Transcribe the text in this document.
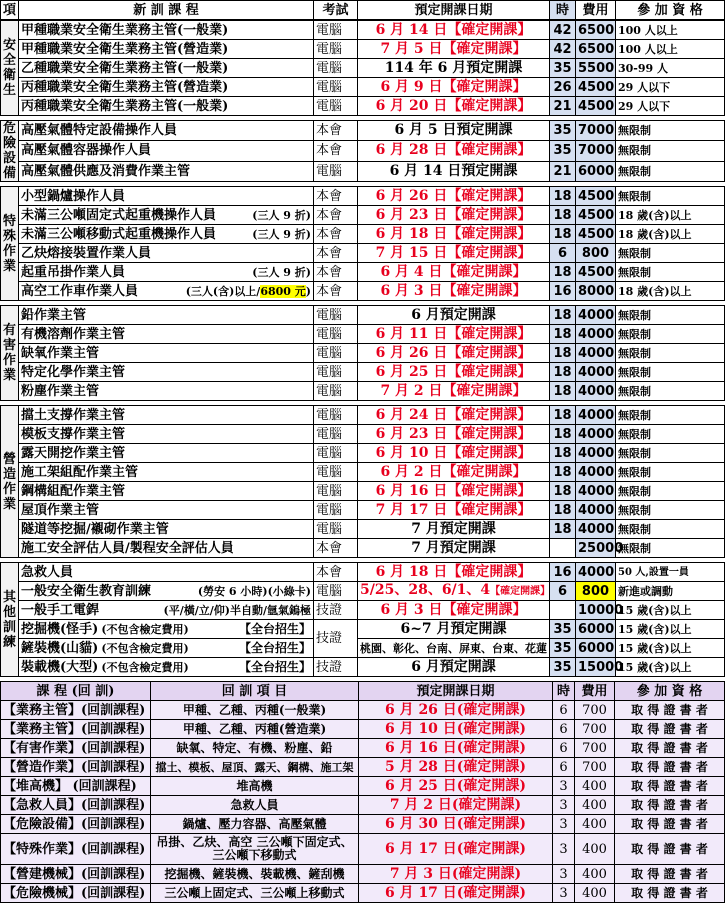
項	新 訓 課 程	考試	預定開課日期	時	費用	參 加 資 格
安全衛生	甲種職業安全衛生業務主管(一般業)	電腦	6 月 14 日【確定開課】	42	6500	100 人以上
	甲種職業安全衛生業務主管(營造業)	電腦	7 月 5 日【確定開課】	42	6500	100 人以上
	乙種職業安全衛生業務主管(一般業)	電腦	114 年 6 月預定開課	35	5500	30-99 人
	丙種職業安全衛生業務主管(營造業)	電腦	6 月 9 日【確定開課】	26	4500	29 人以下
	丙種職業安全衛生業務主管(一般業)	電腦	6 月 20 日【確定開課】	21	4500	29 人以下

危險設備	高壓氣體特定設備操作人員	本會	6 月 5 日預定開課	35	7000	無限制
	高壓氣體容器操作人員	本會	6 月 28 日【確定開課】	35	7000	無限制
	高壓氣體供應及消費作業主管	電腦	6 月 14 日預定開課	21	6000	無限制

特殊作業	小型鍋爐操作人員	本會	6 月 26 日【確定開課】	18	4500	無限制
	未滿三公噸固定式起重機操作人員 (三人 9 折)	本會	6 月 23 日【確定開課】	18	4500	18 歲(含)以上
	未滿三公噸移動式起重機操作人員 (三人 9 折)	本會	6 月 18 日【確定開課】	18	4500	18 歲(含)以上
	乙炔熔接裝置作業人員	本會	7 月 15 日【確定開課】	6	800	無限制
	起重吊掛作業人員 (三人 9 折)	本會	6 月 4 日【確定開課】	18	4500	無限制
	高空工作車作業人員 (三人(含)以上/6800 元)	本會	6 月 3 日【確定開課】	16	8000	18 歲(含)以上

有害作業	鉛作業主管	電腦	6 月預定開課	18	4000	無限制
	有機溶劑作業主管	電腦	6 月 11 日【確定開課】	18	4000	無限制
	缺氧作業主管	電腦	6 月 26 日【確定開課】	18	4000	無限制
	特定化學作業主管	電腦	6 月 25 日【確定開課】	18	4000	無限制
	粉塵作業主管	電腦	7 月 2 日【確定開課】	18	4000	無限制

營造作業	擋土支撐作業主管	電腦	6 月 24 日【確定開課】	18	4000	無限制
	模板支撐作業主管	電腦	6 月 23 日【確定開課】	18	4000	無限制
	露天開挖作業主管	電腦	6 月 10 日【確定開課】	18	4000	無限制
	施工架組配作業主管	電腦	6 月 2 日【確定開課】	18	4000	無限制
	鋼構組配作業主管	電腦	6 月 16 日【確定開課】	18	4000	無限制
	屋頂作業主管	電腦	7 月 17 日【確定開課】	18	4000	無限制
	隧道等挖掘/襯砌作業主管	電腦	7 月預定開課	18	4000	無限制
	施工安全評估人員/製程安全評估人員	本會	7 月預定開課		25000	無限制

其他訓練	急救人員	本會	6 月 18 日【確定開課】	16	4000	50 人,設置一員
	一般安全衛生教育訓練 (勞安 6 小時)(小綠卡)	電腦	5/25、28、6/1、4【確定開課】	6	800	新進或調動
	一般手工電銲 (平/橫/立/仰)半自動/氬氣鎢極	技證	6 月 3 日【確定開課】		10000	15 歲(含)以上
	挖掘機(怪手) (不包含檢定費用) 【全台招生】	技證	6~7 月預定開課	35	6000	15 歲(含)以上
	鏟裝機(山貓) (不包含檢定費用) 【全台招生】		桃園、彰化、台南、屏東、台東、花蓮	35	6000	15 歲(含)以上
	裝載機(大型) (不包含檢定費用) 【全台招生】	技證	6 月預定開課	35	15000	15 歲(含)以上
課 程 (回 訓)	回 訓 項 目	預定開課日期	時	費用	參 加 資 格
【業務主管】(回訓課程)	甲種、乙種、丙種(一般業)	6 月 26 日(確定開課)	6	700	取 得 證 書 者
【業務主管】(回訓課程)	甲種、乙種、丙種(營造業)	6 月 10 日(確定開課)	6	700	取 得 證 書 者
【有害作業】(回訓課程)	缺氧、特定、有機、粉塵、鉛	6 月 16 日(確定開課)	6	700	取 得 證 書 者
【營造作業】(回訓課程)	擋土、模板、屋頂、露天、鋼構、施工架	5 月 28 日(確定開課)	6	700	取 得 證 書 者
【堆高機】 (回訓課程)	堆高機	6 月 25 日(確定開課)	3	400	取 得 證 書 者
【急救人員】(回訓課程)	急救人員	7 月 2 日(確定開課)	3	400	取 得 證 書 者
【危險設備】(回訓課程)	鍋爐、壓力容器、高壓氣體	6 月 30 日(確定開課)	3	400	取 得 證 書 者
【特殊作業】(回訓課程)	吊掛、乙炔、高空 三公噸下固定式、三公噸下移動式	6 月 17 日(確定開課)	3	400	取 得 證 書 者
【營建機械】(回訓課程)	挖掘機、鏟裝機、裝載機、鏟刮機	7 月 3 日(確定開課)	3	400	取 得 證 書 者
【危險機械】(回訓課程)	三公噸上固定式、三公噸上移動式	6 月 17 日(確定開課)	3	400	取 得 證 書 者
